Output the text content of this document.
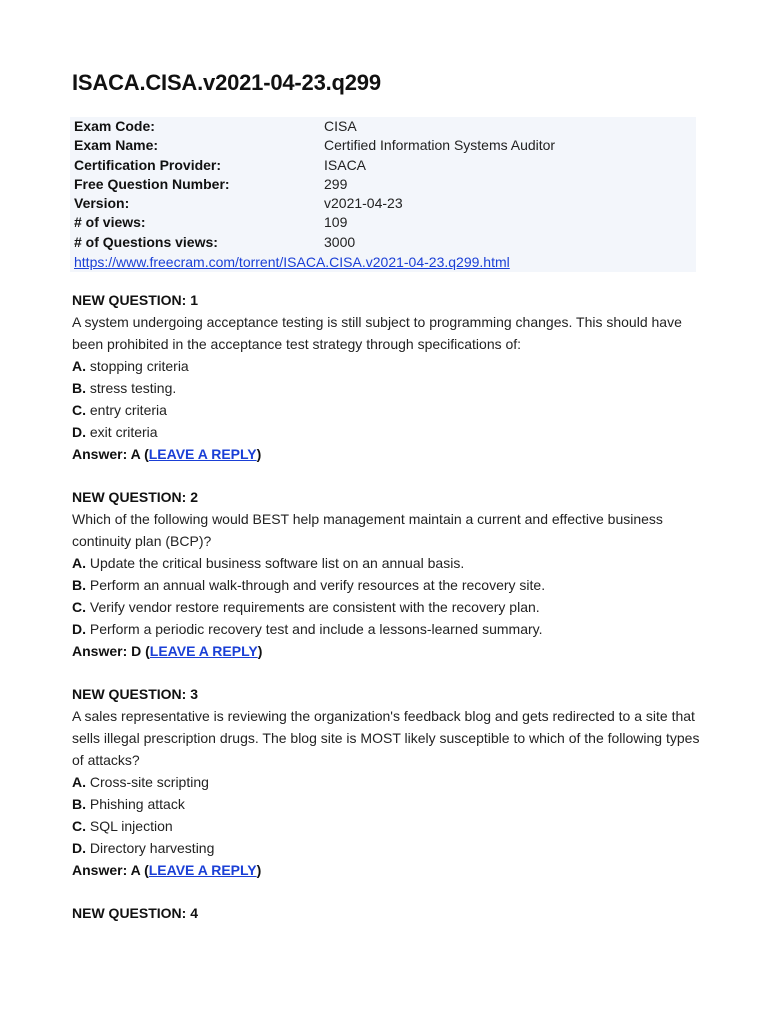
ISACA.CISA.v2021-04-23.q299
Exam Code:	CISA
Exam Name:	Certified Information Systems Auditor
Certification Provider:	ISACA
Free Question Number:	299
Version:	v2021-04-23
# of views:	109
# of Questions views:	3000
https://www.freecram.com/torrent/ISACA.CISA.v2021-04-23.q299.html
NEW QUESTION: 1
A system undergoing acceptance testing is still subject to programming changes. This should have been prohibited in the acceptance test strategy through specifications of:
A. stopping criteria
B. stress testing.
C. entry criteria
D. exit criteria
Answer: A (LEAVE A REPLY)
NEW QUESTION: 2
Which of the following would BEST help management maintain a current and effective business continuity plan (BCP)?
A. Update the critical business software list on an annual basis.
B. Perform an annual walk-through and verify resources at the recovery site.
C. Verify vendor restore requirements are consistent with the recovery plan.
D. Perform a periodic recovery test and include a lessons-learned summary.
Answer: D (LEAVE A REPLY)
NEW QUESTION: 3
A sales representative is reviewing the organization's feedback blog and gets redirected to a site that sells illegal prescription drugs. The blog site is MOST likely susceptible to which of the following types of attacks?
A. Cross-site scripting
B. Phishing attack
C. SQL injection
D. Directory harvesting
Answer: A (LEAVE A REPLY)
NEW QUESTION: 4
